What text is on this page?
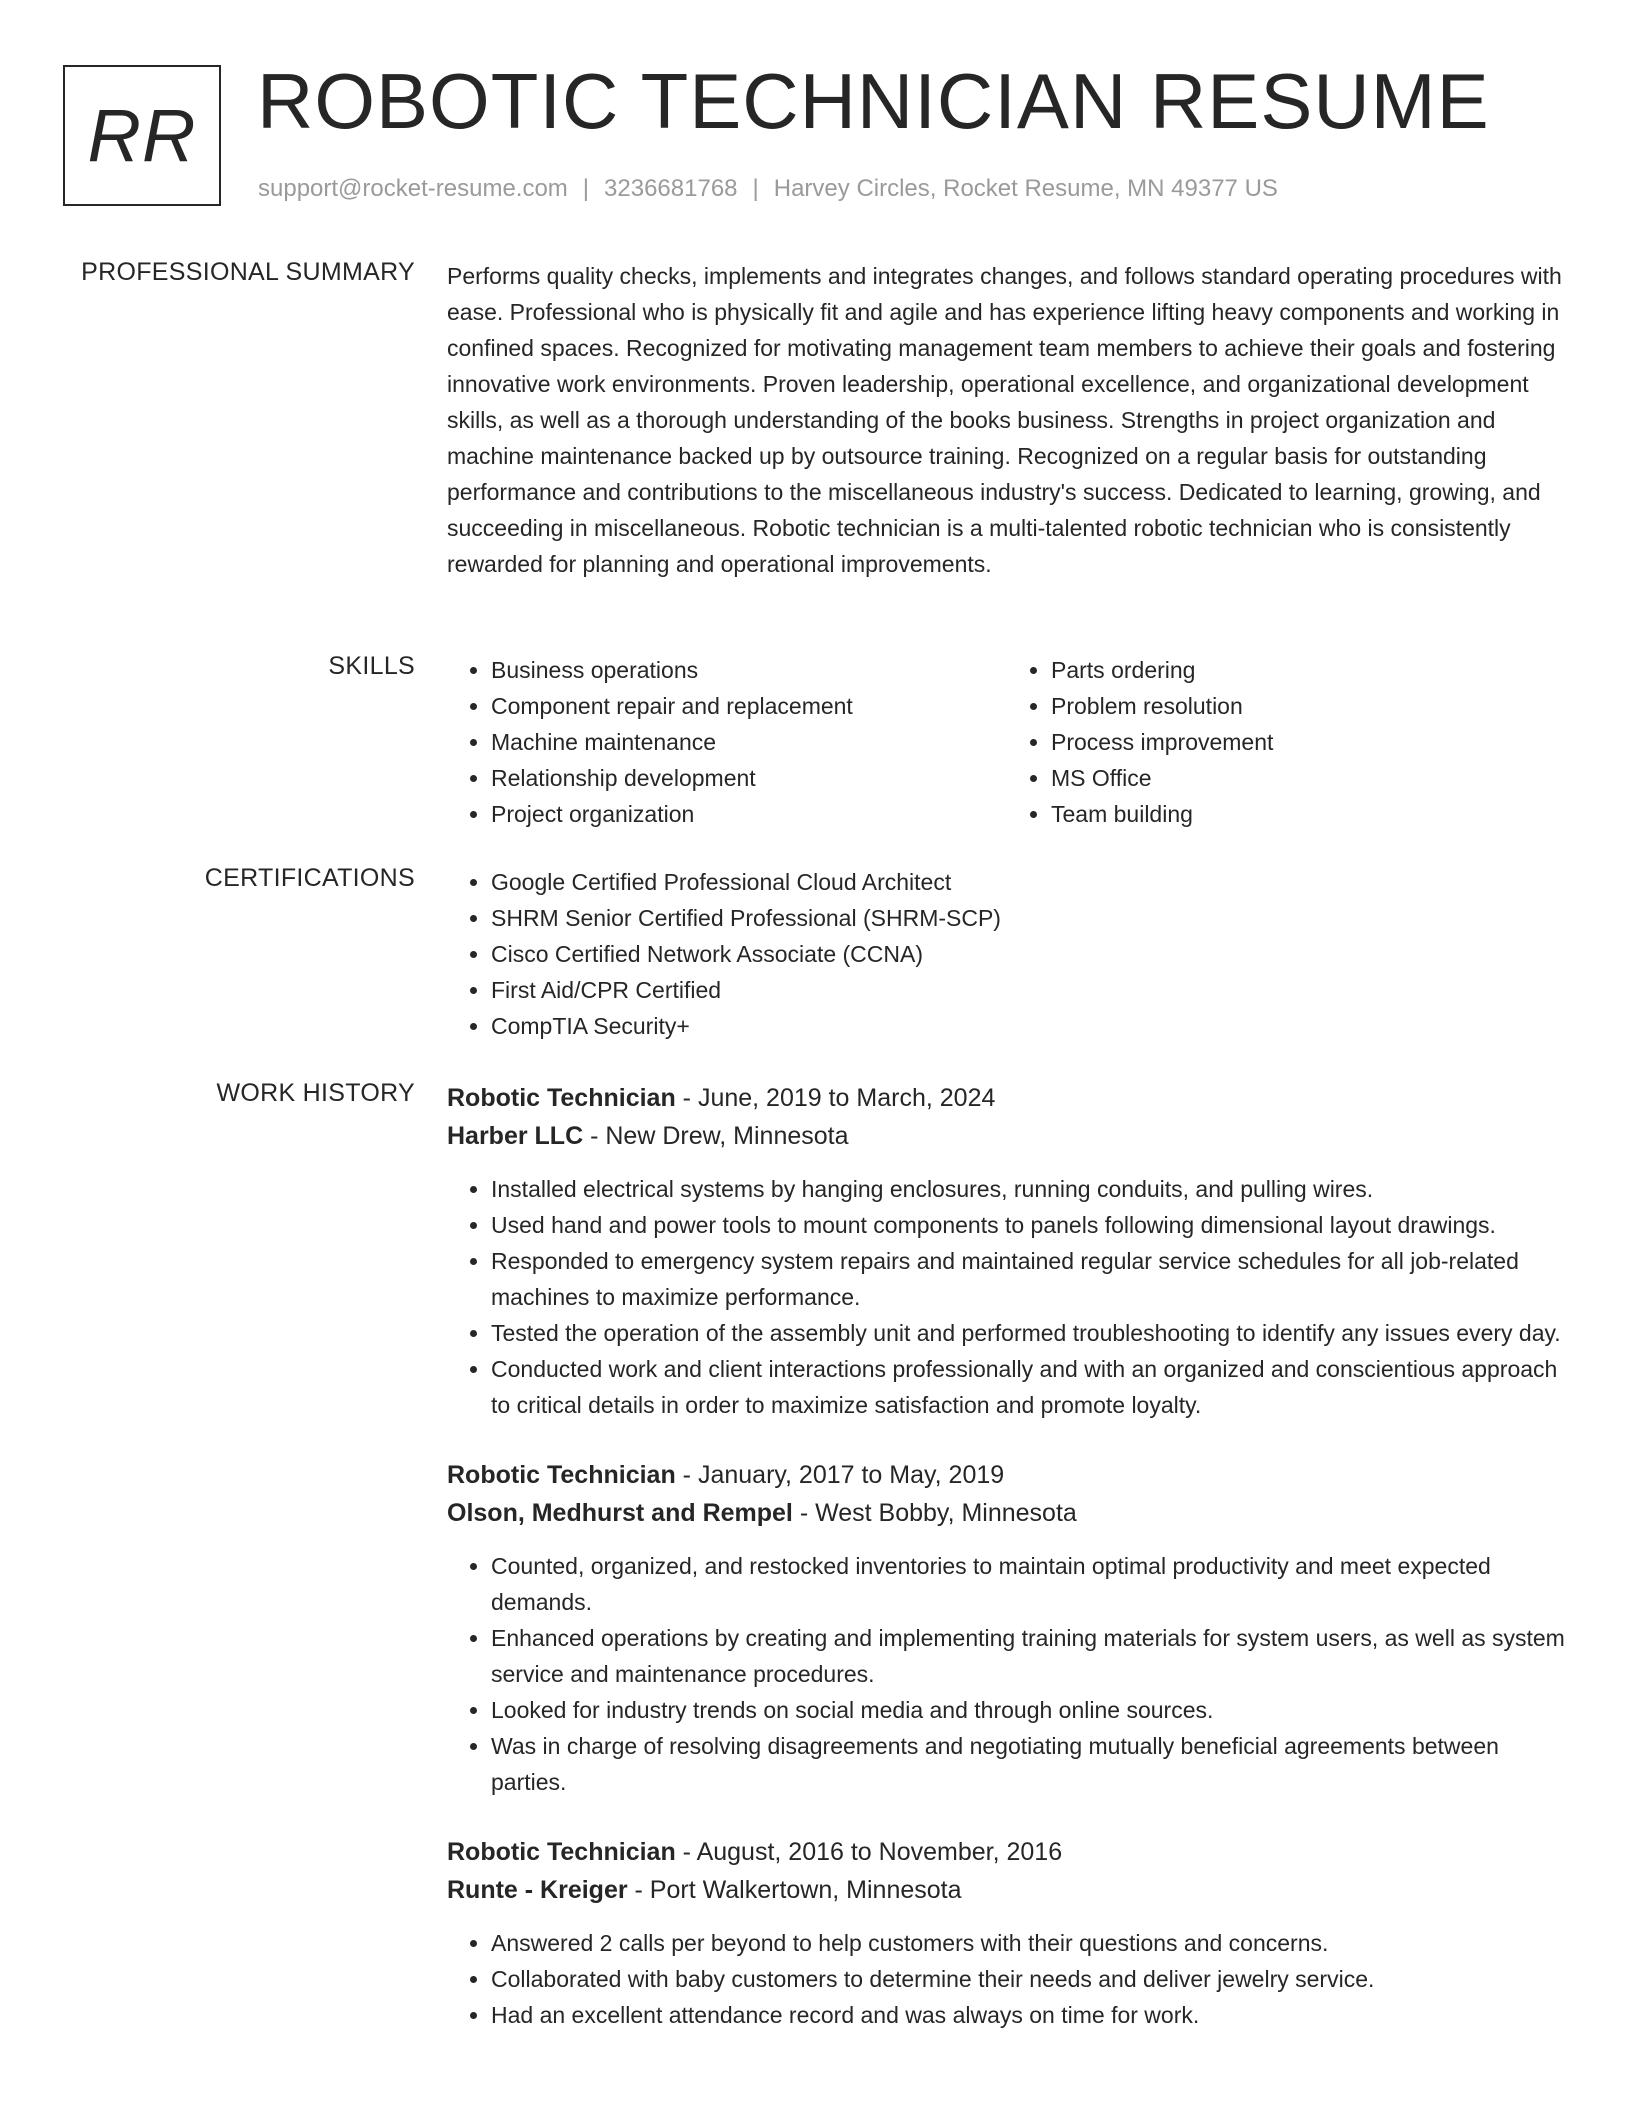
RR ROBOTIC TECHNICIAN RESUME
support@rocket-resume.com | 3236681768 | Harvey Circles, Rocket Resume, MN 49377 US
PROFESSIONAL SUMMARY Performs quality checks, implements and integrates changes, and follows standard operating procedures with ease. Professional who is physically fit and agile and has experience lifting heavy components and working in confined spaces. Recognized for motivating management team members to achieve their goals and fostering innovative work environments. Proven leadership, operational excellence, and organizational development skills, as well as a thorough understanding of the books business. Strengths in project organization and machine maintenance backed up by outsource training. Recognized on a regular basis for outstanding performance and contributions to the miscellaneous industry's success. Dedicated to learning, growing, and succeeding in miscellaneous. Robotic technician is a multi-talented robotic technician who is consistently rewarded for planning and operational improvements.

SKILLS	• Business operations
• Component repair and replacement
• Machine maintenance
• Relationship development
• Project organization
• Parts ordering
• Problem resolution
• Process improvement
• MS Office
• Team building
CERTIFICATIONS	• Google Certified Professional Cloud Architect
• SHRM Senior Certified Professional (SHRM-SCP)
• Cisco Certified Network Associate (CCNA)
• First Aid/CPR Certified
• CompTIA Security+
WORK HISTORY Robotic Technician - June, 2019 to March, 2024
Harber LLC - New Drew, Minnesota
• Installed electrical systems by hanging enclosures, running conduits, and pulling wires.
• Used hand and power tools to mount components to panels following dimensional layout drawings.
• Responded to emergency system repairs and maintained regular service schedules for all job-related machines to maximize performance.
• Tested the operation of the assembly unit and performed troubleshooting to identify any issues every day.
• Conducted work and client interactions professionally and with an organized and conscientious approach to critical details in order to maximize satisfaction and promote loyalty.
Robotic Technician - January, 2017 to May, 2019
Olson, Medhurst and Rempel - West Bobby, Minnesota
• Counted, organized, and restocked inventories to maintain optimal productivity and meet expected demands.
• Enhanced operations by creating and implementing training materials for system users, as well as system service and maintenance procedures.
• Looked for industry trends on social media and through online sources.
• Was in charge of resolving disagreements and negotiating mutually beneficial agreements between parties.
Robotic Technician - August, 2016 to November, 2016
Runte - Kreiger - Port Walkertown, Minnesota
• Answered 2 calls per beyond to help customers with their questions and concerns.
• Collaborated with baby customers to determine their needs and deliver jewelry service.
• Had an excellent attendance record and was always on time for work.
